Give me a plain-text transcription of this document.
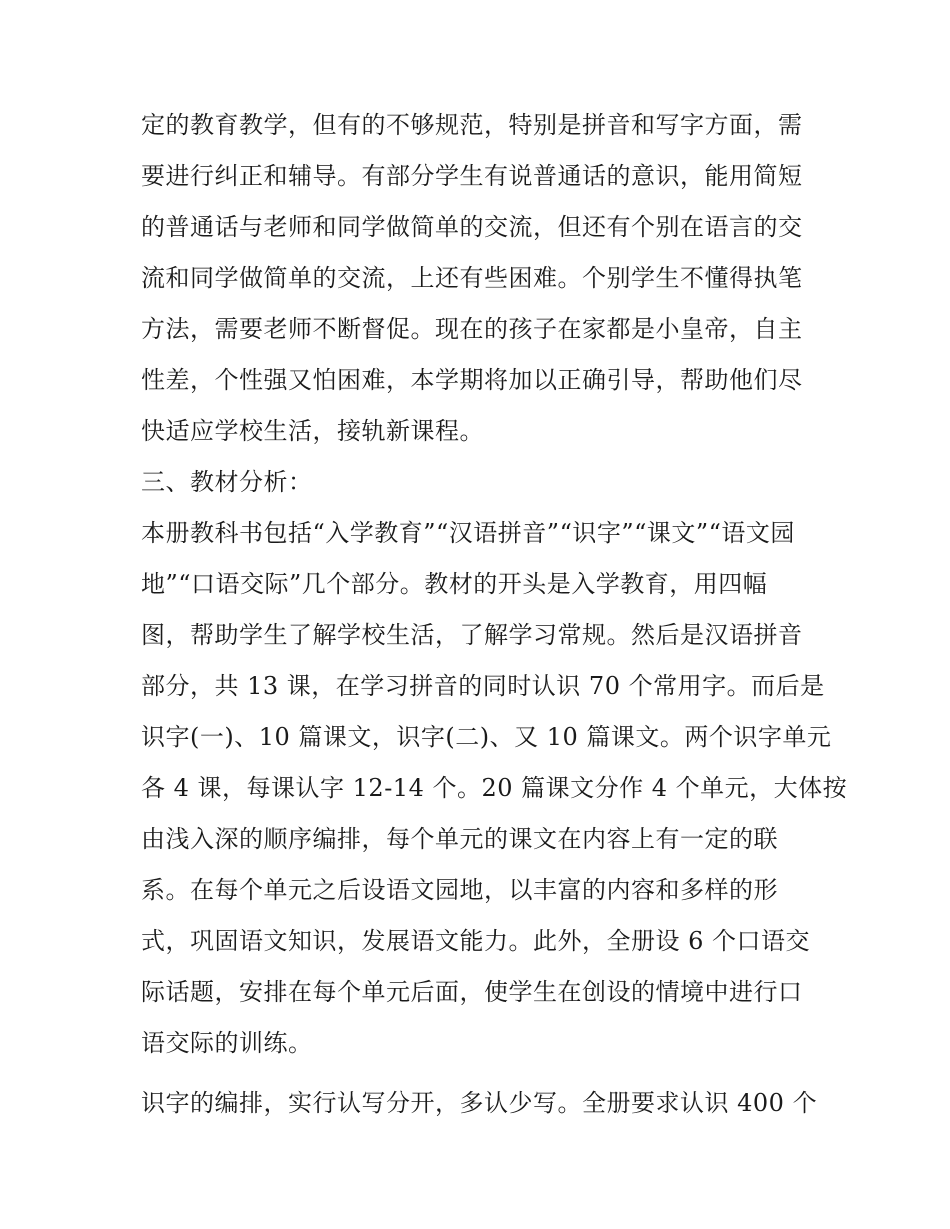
定的教育教学，但有的不够规范，特别是拼音和写字方面，需
要进行纠正和辅导。有部分学生有说普通话的意识，能用简短
的普通话与老师和同学做简单的交流，但还有个别在语言的交
流和同学做简单的交流，上还有些困难。个别学生不懂得执笔
方法，需要老师不断督促。现在的孩子在家都是小皇帝，自主
性差，个性强又怕困难，本学期将加以正确引导，帮助他们尽
快适应学校生活，接轨新课程。
三、教材分析：
本册教科书包括“入学教育”“汉语拼音”“识字”“课文”“语文园
地”“口语交际”几个部分。教材的开头是入学教育，用四幅
图，帮助学生了解学校生活，了解学习常规。然后是汉语拼音
部分，共 13 课，在学习拼音的同时认识 70 个常用字。而后是
识字(一)、10 篇课文，识字(二)、又 10 篇课文。两个识字单元
各 4 课，每课认字 12-14 个。20 篇课文分作 4 个单元，大体按
由浅入深的顺序编排，每个单元的课文在内容上有一定的联
系。在每个单元之后设语文园地，以丰富的内容和多样的形
式，巩固语文知识，发展语文能力。此外，全册设 6 个口语交
际话题，安排在每个单元后面，使学生在创设的情境中进行口
语交际的训练。
识字的编排，实行认写分开，多认少写。全册要求认识 400 个
